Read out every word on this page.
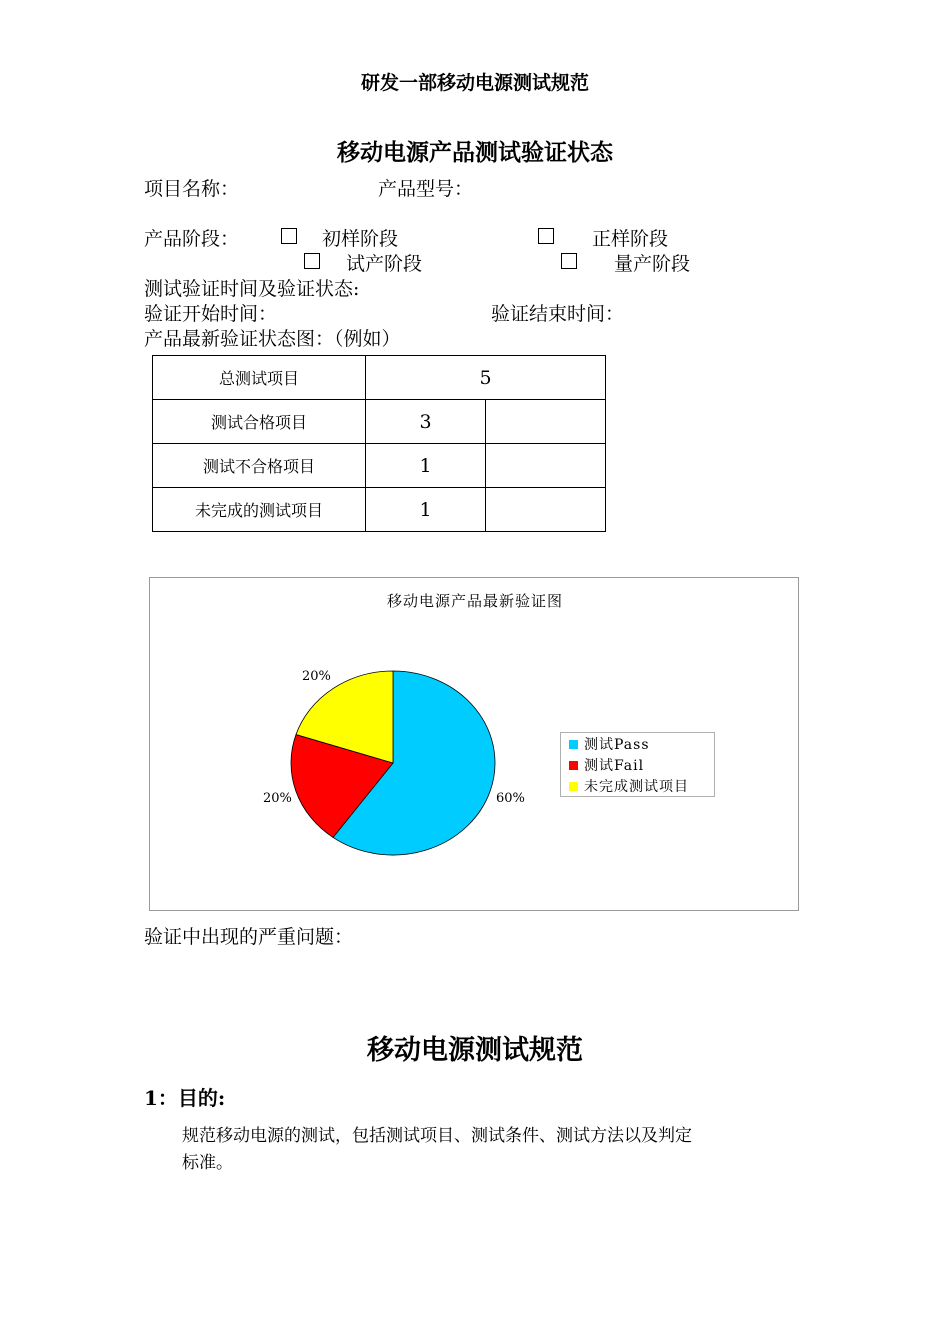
研发一部移动电源测试规范
移动电源产品测试验证状态
项目名称：	产品型号：
产品阶段：	初样阶段	正样阶段
试产阶段	量产阶段
测试验证时间及验证状态:
验证开始时间：	验证结束时间：
产品最新验证状态图：（例如）
总测试项目	5	
测试合格项目	3	
测试不合格项目	1	
未完成的测试项目	1	
移动电源产品最新验证图
60%
20%
20%
测试Pass
测试Fail
未完成测试项目
验证中出现的严重问题：
移动电源测试规范
1：目的:
规范移动电源的测试，包括测试项目、测试条件、测试方法以及判定
标准。
